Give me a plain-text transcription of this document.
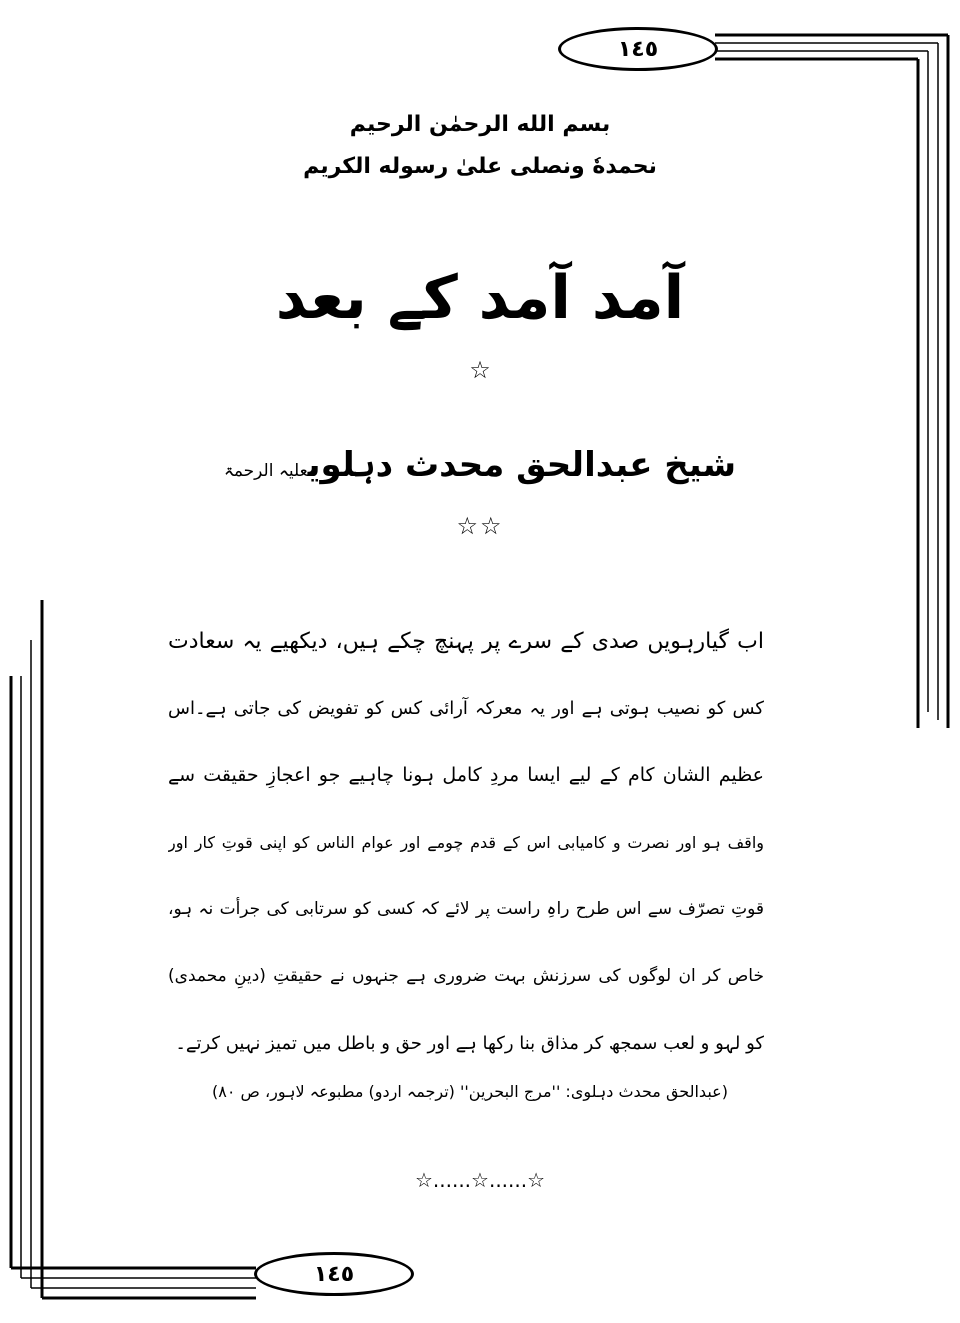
١٤٥
بسم الله الرحمٰن الرحیم
نحمدهٗ ونصلی علیٰ رسوله الکریم
آمد آمد کے بعد
☆
شیخ عبدالحق محدث دہلویعلیہ الرحمۃ
☆☆
اب گیارہویں صدی کے سرے پر پہنچ چکے ہیں، دیکھیے یہ سعادت
کس کو نصیب ہوتی ہے اور یہ معرکہ آرائی کس کو تفویض کی جاتی ہے۔اس
عظیم الشان کام کے لیے ایسا مردِ کامل ہونا چاہیے جو اعجازِ حقیقت سے
واقف ہو اور نصرت و کامیابی اس کے قدم چومے اور عوام الناس کو اپنی قوتِ کار اور
قوتِ تصرّف سے اس طرح راہِ راست پر لائے کہ کسی کو سرتابی کی جرأت نہ ہو،
خاص کر ان لوگوں کی سرزنش بہت ضروری ہے جنہوں نے حقیقتِ (دینِ محمدی)
کو لہو و لعب سمجھ کر مذاق بنا رکھا ہے اور حق و باطل میں تمیز نہیں کرتے۔
(عبدالحق محدث دہلوی: ''مرج البحرین'' (ترجمہ اردو) مطبوعہ لاہور، ص ٨٠)
☆......☆......☆
١٤٥
